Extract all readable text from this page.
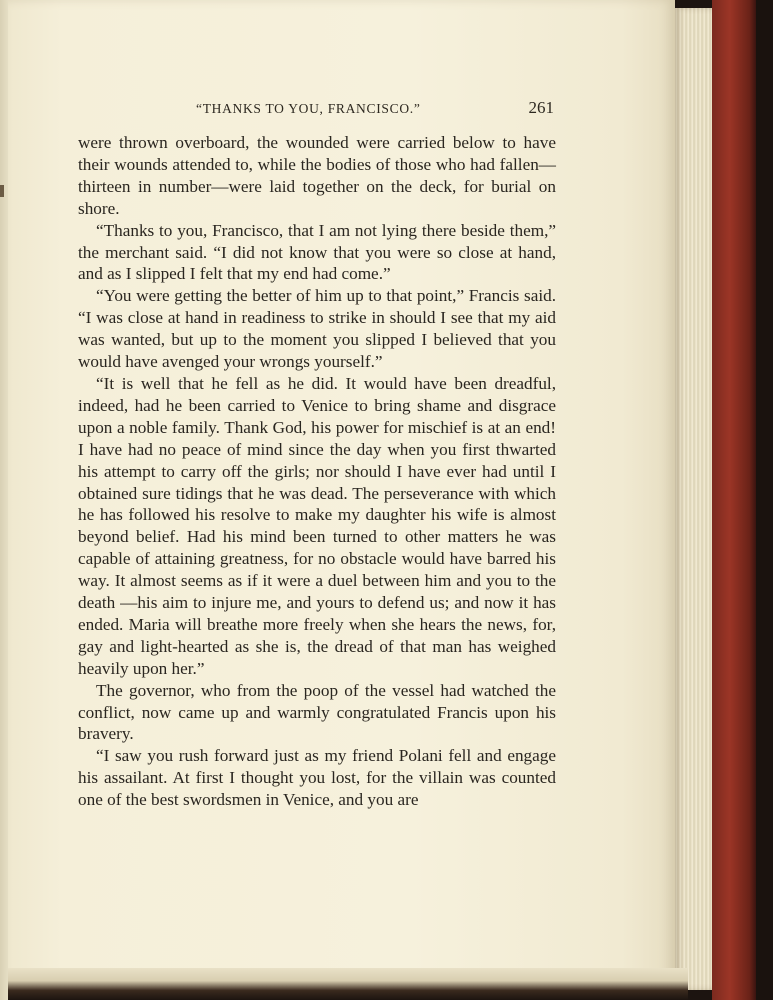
“THANKS TO YOU, FRANCISCO.”	261

were thrown overboard, the wounded were carried below to have their wounds attended to, while the bodies of those who had fallen—thirteen in number—were laid together on the deck, for burial on shore.

“Thanks to you, Francisco, that I am not lying there beside them,” the merchant said. “I did not know that you were so close at hand, and as I slipped I felt that my end had come.”

“You were getting the better of him up to that point,” Francis said. “I was close at hand in readiness to strike in should I see that my aid was wanted, but up to the moment you slipped I believed that you would have avenged your wrongs yourself.”

“It is well that he fell as he did. It would have been dreadful, indeed, had he been carried to Venice to bring shame and disgrace upon a noble family. Thank God, his power for mischief is at an end! I have had no peace of mind since the day when you first thwarted his attempt to carry off the girls; nor should I have ever had until I obtained sure tidings that he was dead. The perseverance with which he has followed his resolve to make my daughter his wife is almost beyond belief. Had his mind been turned to other matters he was capable of attaining greatness, for no obstacle would have barred his way. It almost seems as if it were a duel between him and you to the death —his aim to injure me, and yours to defend us; and now it has ended. Maria will breathe more freely when she hears the news, for, gay and light-hearted as she is, the dread of that man has weighed heavily upon her.”

The governor, who from the poop of the vessel had watched the conflict, now came up and warmly congratulated Francis upon his bravery.

“I saw you rush forward just as my friend Polani fell and engage his assailant. At first I thought you lost, for the villain was counted one of the best swordsmen in Venice, and you are
